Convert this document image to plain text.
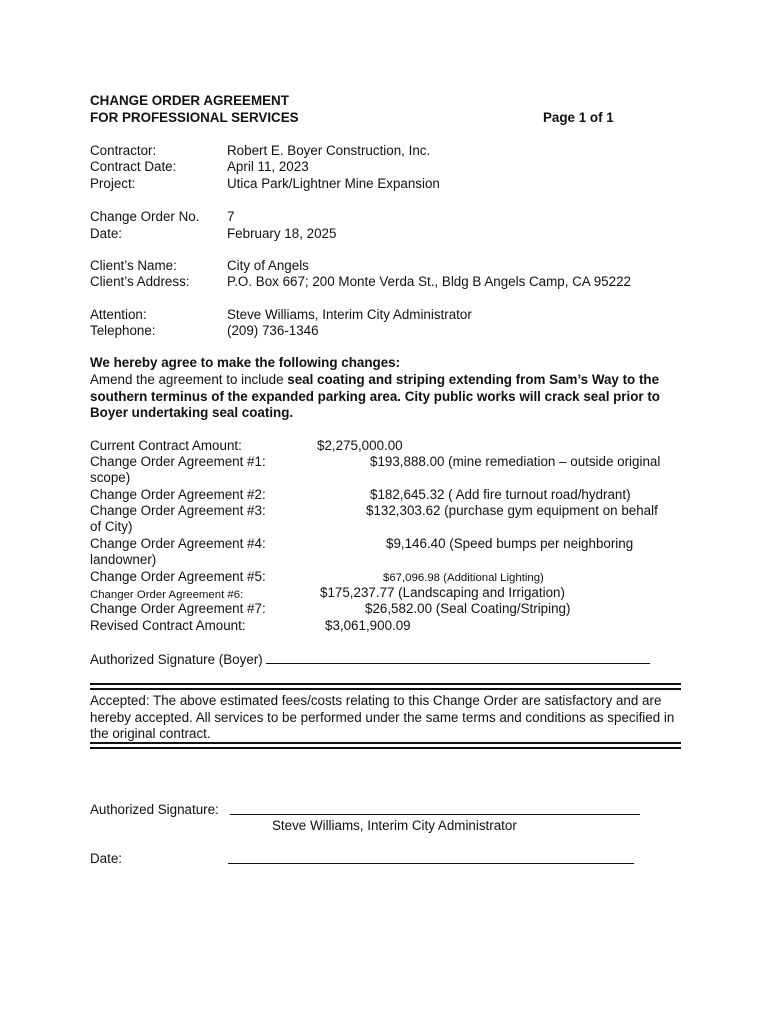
CHANGE ORDER AGREEMENT
FOR PROFESSIONAL SERVICES	Page 1 of 1
Contractor:	Robert E. Boyer Construction, Inc.
Contract Date:	April 11, 2023
Project:	Utica Park/Lightner Mine Expansion
Change Order No. 7
Date:	February 18, 2025
Client’s Name:	City of Angels
Client’s Address:	P.O. Box 667; 200 Monte Verda St., Bldg B Angels Camp, CA 95222
Attention:	Steve Williams, Interim City Administrator
Telephone:	(209) 736-1346
We hereby agree to make the following changes:
Amend the agreement to include seal coating and striping extending from Sam’s Way to the southern terminus of the expanded parking area. City public works will crack seal prior to Boyer undertaking seal coating.
Current Contract Amount:	$2,275,000.00
Change Order Agreement #1:	$193,888.00 (mine remediation – outside original
scope)
Change Order Agreement #2:	$182,645.32 ( Add fire turnout road/hydrant)
Change Order Agreement #3:	$132,303.62 (purchase gym equipment on behalf
of City)
Change Order Agreement #4:	$9,146.40 (Speed bumps per neighboring
landowner)
Change Order Agreement #5:	$67,096.98 (Additional Lighting)
Changer Order Agreement #6:	$175,237.77 (Landscaping and Irrigation)
Change Order Agreement #7:	$26,582.00 (Seal Coating/Striping)
Revised Contract Amount:	$3,061,900.09
Authorized Signature (Boyer)
Accepted: The above estimated fees/costs relating to this Change Order are satisfactory and are hereby accepted. All services to be performed under the same terms and conditions as specified in the original contract.
Authorized Signature:
Steve Williams, Interim City Administrator
Date:
